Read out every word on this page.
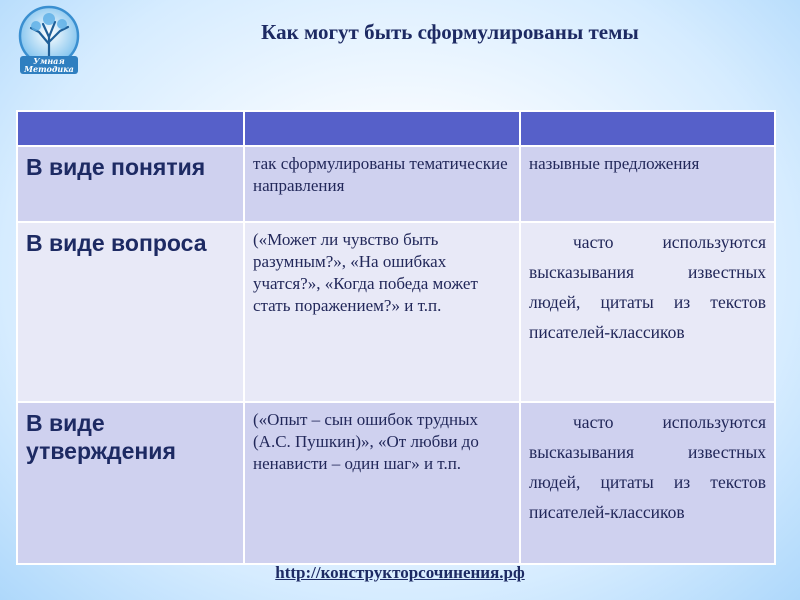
Умная
Методика
Как могут быть сформулированы темы

В виде понятия	так сформулированы тематические направления	назывные предложения
В виде вопроса	(«Может ли чувство быть разумным?», «На ошибках учатся?», «Когда победа может стать поражением?» и т.п.	часто используются высказывания известных людей, цитаты из текстов писателей-классиков
В виде утверждения	(«Опыт – сын ошибок трудных (А.С. Пушкин)», «От любви до ненависти – один шаг» и т.п.	часто используются высказывания известных людей, цитаты из текстов писателей-классиков
http://конструкторсочинения.рф
